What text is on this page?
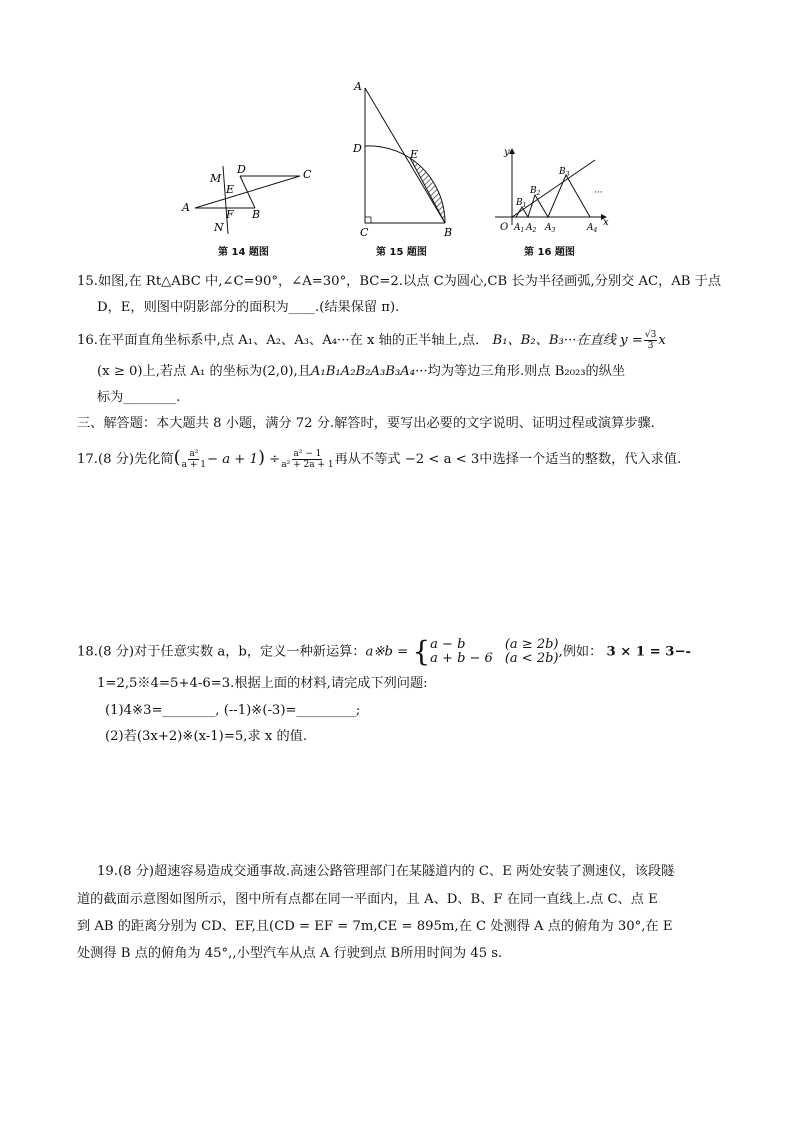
A
B
C
D
E
F
M
N
第 14 题图
A
D	E
C	B
第 15 题图
y
x
O $A_1$ $A_2$ $A_3$	$A_4$
$B_1$
$B_2$
$B_3$
···
第 16 题图
15.如图,在 Rt△ABC 中,∠C=90°，∠A=30°，BC=2.以点 C为圆心,CB 长为半径画弧,分别交 AC，AB 于点
D，E，则图中阴影部分的面积为____.(结果保留 π).
16.在平面直角坐标系中,点 A₁、A₂、A₃、A₄···在 x 轴的正半轴上,点． B₁、B₂、B₃···在直线 $y = \frac{√3}{3}$ x
(x ≥ 0)上,若点 A₁ 的坐标为(2,0),且A₁B₁A₂B₂A₃B₃A₄···均为等边三角形.则点 B₂₀₂₃的纵坐
标为________.
三、解答题：本大题共 8 小题，满分 72 分.解答时，要写出必要的文字说明、证明过程或演算步骤.
17.(8 分)先化简( $\frac{\text{a²}}{a + 1} - a + 1) \div \frac{\text{a² − 1}}{\text{a² + 2a + 1}}$ 再从不等式 −2 < a < 3中选择一个适当的整数，代入求值.
18.(8 分)对于任意实数 a，b，定义一种新运算：a※b = { a − b	(a ≥ 2b)
a + b − 6 (a < 2b) ,例如： 3 × 1 = 3−-
1=2,5※4=5+4-6=3.根据上面的材料,请完成下列问题:
(1)4※3=________, (--1)※(-3)=_________;
(2)若(3x+2)※(x-1)=5,求 x 的值.
19.(8 分)超速容易造成交通事故.高速公路管理部门在某隧道内的 C、E 两处安装了测速仪，该段隧
道的截面示意图如图所示，图中所有点都在同一平面内，且 A、D、B、F 在同一直线上.点 C、点 E
到 AB 的距离分别为 CD、EF,且(CD = EF = 7m,CE = 895m,在 C 处测得 A 点的俯角为 30°,在 E
处测得 B 点的俯角为 45°,,小型汽车从点 A 行驶到点 B所用时间为 45 s.
